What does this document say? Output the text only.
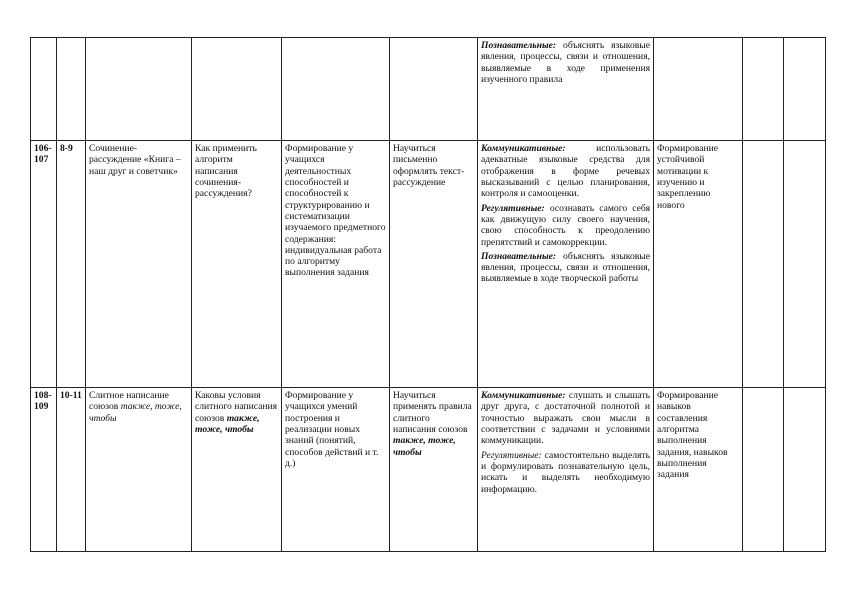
						Познавательные: объяснять языковые явления, процессы, связи и отношения, выявляемые в ходе применения изученного правила			

106-107	8-9	Сочинение-рассуждение «Книга – наш друг и советчик»	Как применить алгоритм написания сочинения-рассуждения?	Формирование у учащихся деятельностных способностей и способностей к структурированию и систематизации изучаемого предметного содержания: индивидуальная работа по алгоритму выполнения задания	Научиться письменно оформлять текст-рассуждение	Коммуникативные: использовать адекватные языковые средства для отображения в форме речевых высказываний с целью планирования, контроля и самооценки.

Регулятивные: осознавать самого себя как движущую силу своего научения, свою способность к преодолению препятствий и самокоррекции.

Познавательные: объяснять языковые явления, процессы, связи и отношения, выявляемые в ходе творческой работы	Формирование устойчивой мотивации к изучению и закреплению нового		
108-109	10-11	Слитное написание союзов также, тоже, чтобы	Каковы условия слитного написания союзов также, тоже, чтобы	Формирование у учащихся умений построения и реализации новых знаний (понятий, способов действий и т. д.)	Научиться применять правила слитного написания союзов также, тоже, чтобы	Коммуникативные: слушать и слышать друг друга, с достаточной полнотой и точностью выражать свои мысли в соответствии с задачами и условиями коммуникации.

Регулятивные: самостоятельно выделять и формулировать познавательную цель, искать и выделять необходимую информацию.	Формирование навыков составления алгоритма выполнения задания, навыков выполнения задания		
